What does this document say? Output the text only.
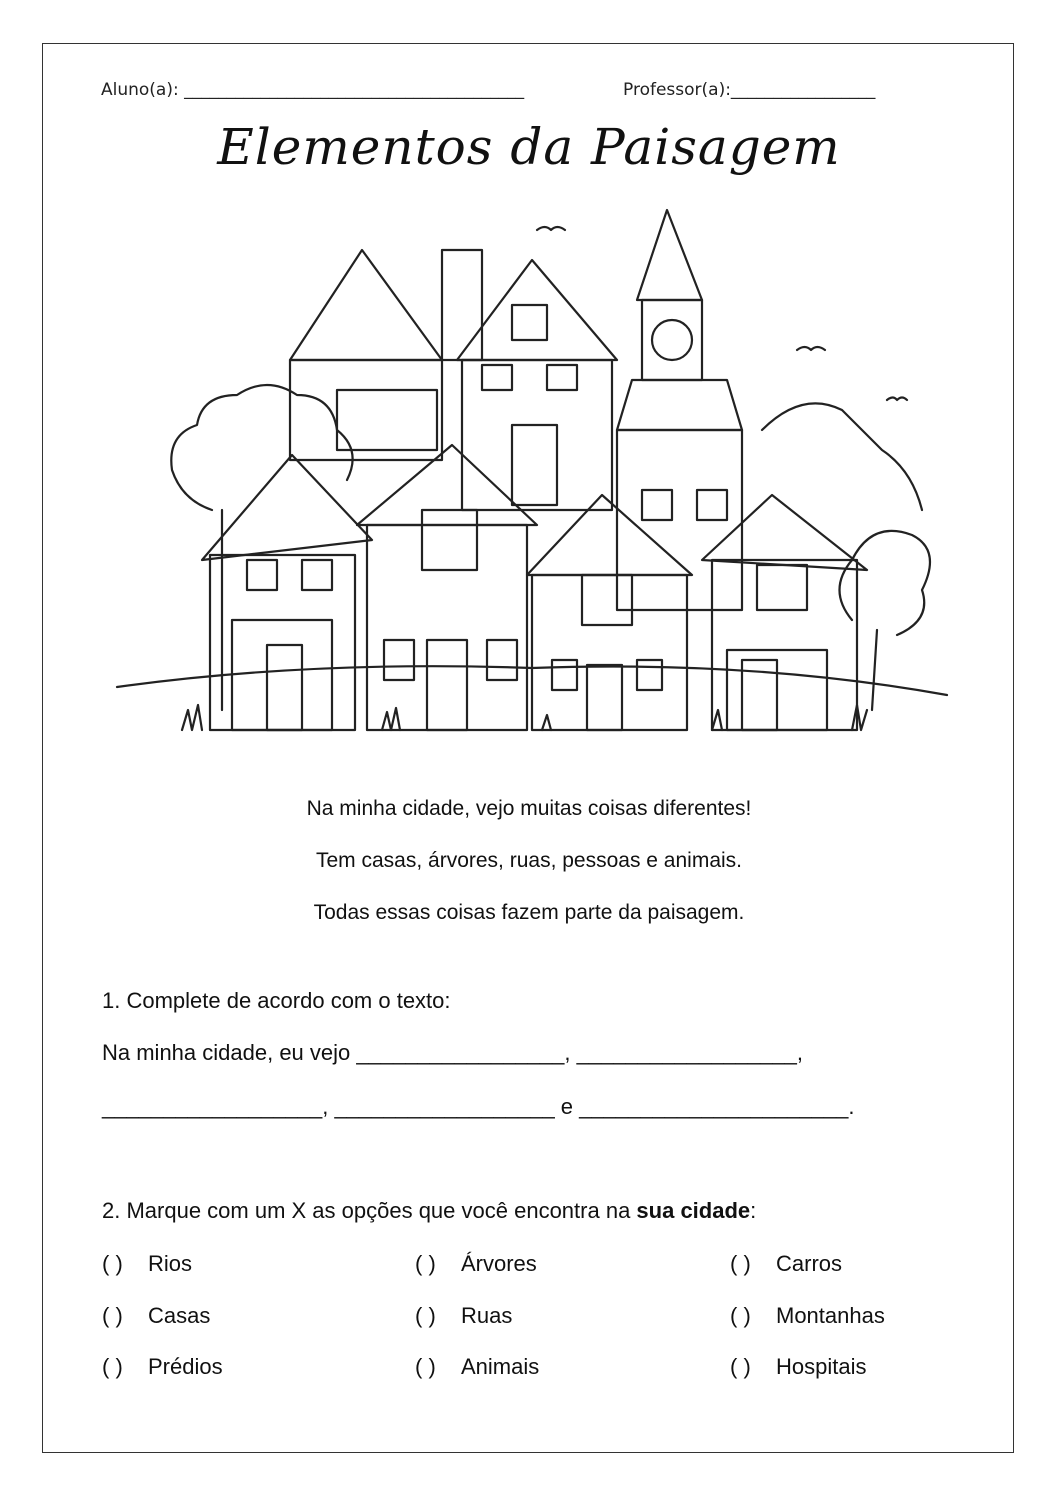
Aluno(a): ________________________________________	Professor(a):_________________
Elementos da Paisagem
Na minha cidade, vejo muitas coisas diferentes!
Tem casas, árvores, ruas, pessoas e animais.
Todas essas coisas fazem parte da paisagem.
1. Complete de acordo com o texto:
Na minha cidade, eu vejo _________________, __________________,
__________________, __________________ e ______________________.
2. Marque com um X as opções que você encontra na sua cidade:
( ) Rios	( ) Árvores	( ) Carros
( ) Casas	( ) Ruas	( ) Montanhas
( ) Prédios	( ) Animais	( ) Hospitais
